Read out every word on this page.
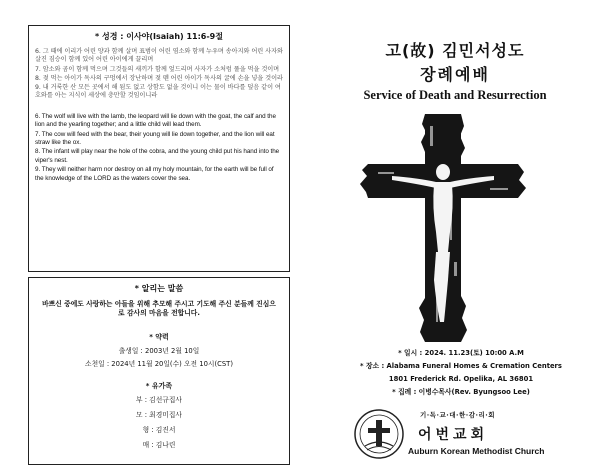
* 성경 : 이사야(Isaiah) 11:6-9절

6. 그 때에 이리가 어린 양과 함께 살며 표범이 어린 염소와 함께 누우며 송아지와 어린 사자와 살진 짐승이 함께 있어 어린 아이에게 끌리며

7. 암소와 곰이 함께 먹으며 그것들의 새끼가 함께 엎드리며 사자가 소처럼 풀을 먹을 것이며

8. 젖 먹는 아이가 독사의 구멍에서 장난하며 젖 뗀 어린 아이가 독사의 굴에 손을 넣을 것이라

9. 내 거룩한 산 모든 곳에서 해 됨도 없고 상함도 없을 것이니 이는 물이 바다를 덮음 같이 여호와를 아는 지식이 세상에 충만할 것임이니라

6. The wolf will live with the lamb, the leopard will lie down with the goat, the calf and the lion and the yearling together; and a little child will lead them.

7. The cow will feed with the bear, their young will lie down together, and the lion will eat straw like the ox.

8. The infant will play near the hole of the cobra, and the young child put his hand into the viper's nest.

9. They will neither harm nor destroy on all my holy mountain, for the earth will be full of the knowledge of the LORD as the waters cover the sea.

* 알리는 말씀
바쁘신 중에도 사랑하는 아들을 위해 추모해 주시고 기도해 주신 분들께 진심으로 감사의 마음을 전합니다.
* 약력
출생일 : 2003년 2월 10일
소천일 : 2024년 11월 20일(수) 오전 10시(CST)
* 유가족
부 : 김선규집사
모 : 최경미집사
형 : 김진서
매 : 김나린
고(故) 김민서성도
장례예배
Service of Death and Resurrection
* 일시 : 2024. 11.23(토) 10:00 A.M
* 장소 : Alabama Funeral Homes & Cremation Centers
1801 Frederick Rd. Opelika, AL 36801
* 집례 : 이병수목사(Rev. Byungsoo Lee)
기·독·교·대·한·감·리·회
어번교회
Auburn Korean Methodist Church
